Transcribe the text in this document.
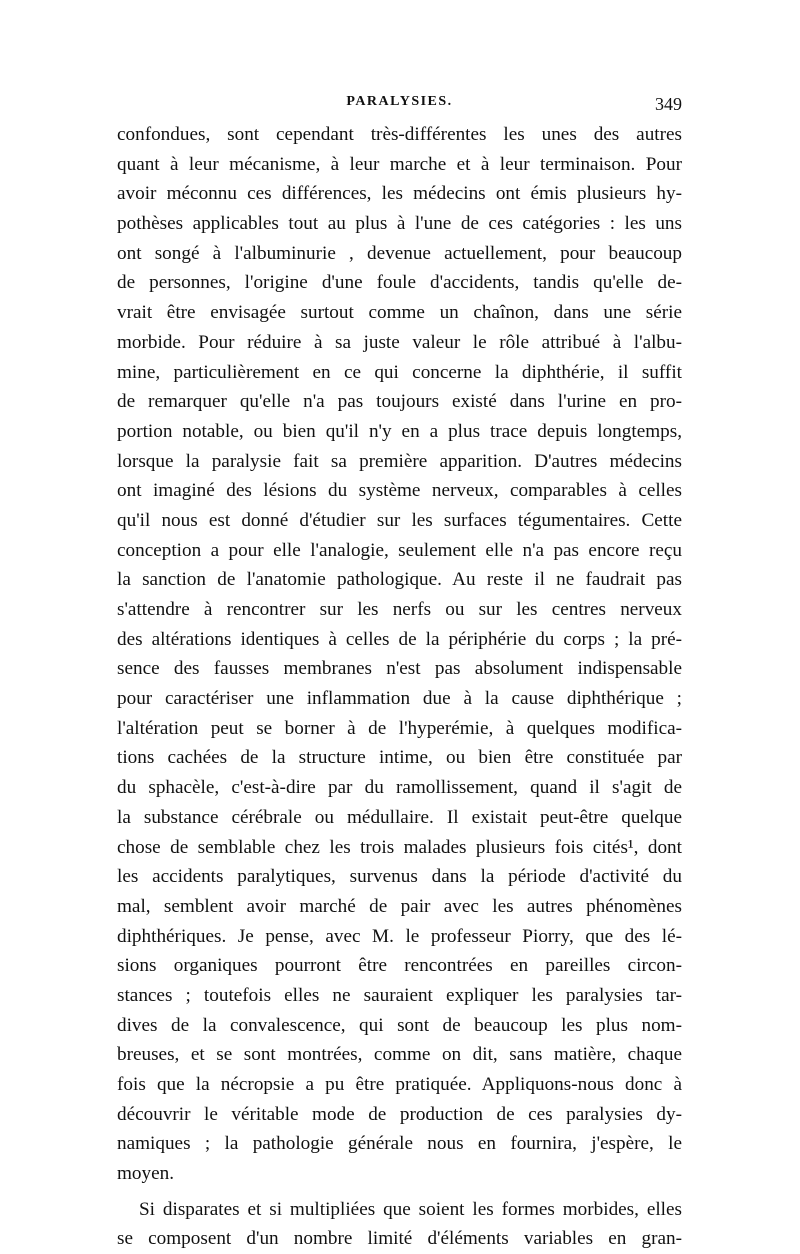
PARALYSIES.	349
confondues, sont cependant très-différentes les unes des autres
quant à leur mécanisme, à leur marche et à leur terminaison. Pour
avoir méconnu ces différences, les médecins ont émis plusieurs hy-
pothèses applicables tout au plus à l'une de ces catégories : les uns
ont songé à l'albuminurie , devenue actuellement, pour beaucoup
de personnes, l'origine d'une foule d'accidents, tandis qu'elle de-
vrait être envisagée surtout comme un chaînon, dans une série
morbide. Pour réduire à sa juste valeur le rôle attribué à l'albu-
mine, particulièrement en ce qui concerne la diphthérie, il suffit
de remarquer qu'elle n'a pas toujours existé dans l'urine en pro-
portion notable, ou bien qu'il n'y en a plus trace depuis longtemps,
lorsque la paralysie fait sa première apparition. D'autres médecins
ont imaginé des lésions du système nerveux, comparables à celles
qu'il nous est donné d'étudier sur les surfaces tégumentaires. Cette
conception a pour elle l'analogie, seulement elle n'a pas encore reçu
la sanction de l'anatomie pathologique. Au reste il ne faudrait pas
s'attendre à rencontrer sur les nerfs ou sur les centres nerveux
des altérations identiques à celles de la périphérie du corps ; la pré-
sence des fausses membranes n'est pas absolument indispensable
pour caractériser une inflammation due à la cause diphthérique ;
l'altération peut se borner à de l'hyperémie, à quelques modifica-
tions cachées de la structure intime, ou bien être constituée par
du sphacèle, c'est-à-dire par du ramollissement, quand il s'agit de
la substance cérébrale ou médullaire. Il existait peut-être quelque
chose de semblable chez les trois malades plusieurs fois cités¹, dont
les accidents paralytiques, survenus dans la période d'activité du
mal, semblent avoir marché de pair avec les autres phénomènes
diphthériques. Je pense, avec M. le professeur Piorry, que des lé-
sions organiques pourront être rencontrées en pareilles circon-
stances ; toutefois elles ne sauraient expliquer les paralysies tar-
dives de la convalescence, qui sont de beaucoup les plus nom-
breuses, et se sont montrées, comme on dit, sans matière, chaque
fois que la nécropsie a pu être pratiquée. Appliquons-nous donc à
découvrir le véritable mode de production de ces paralysies dy-
namiques ; la pathologie générale nous en fournira, j'espère, le
moyen.
Si disparates et si multipliées que soient les formes morbides, elles
se composent d'un nombre limité d'éléments variables en gran-
